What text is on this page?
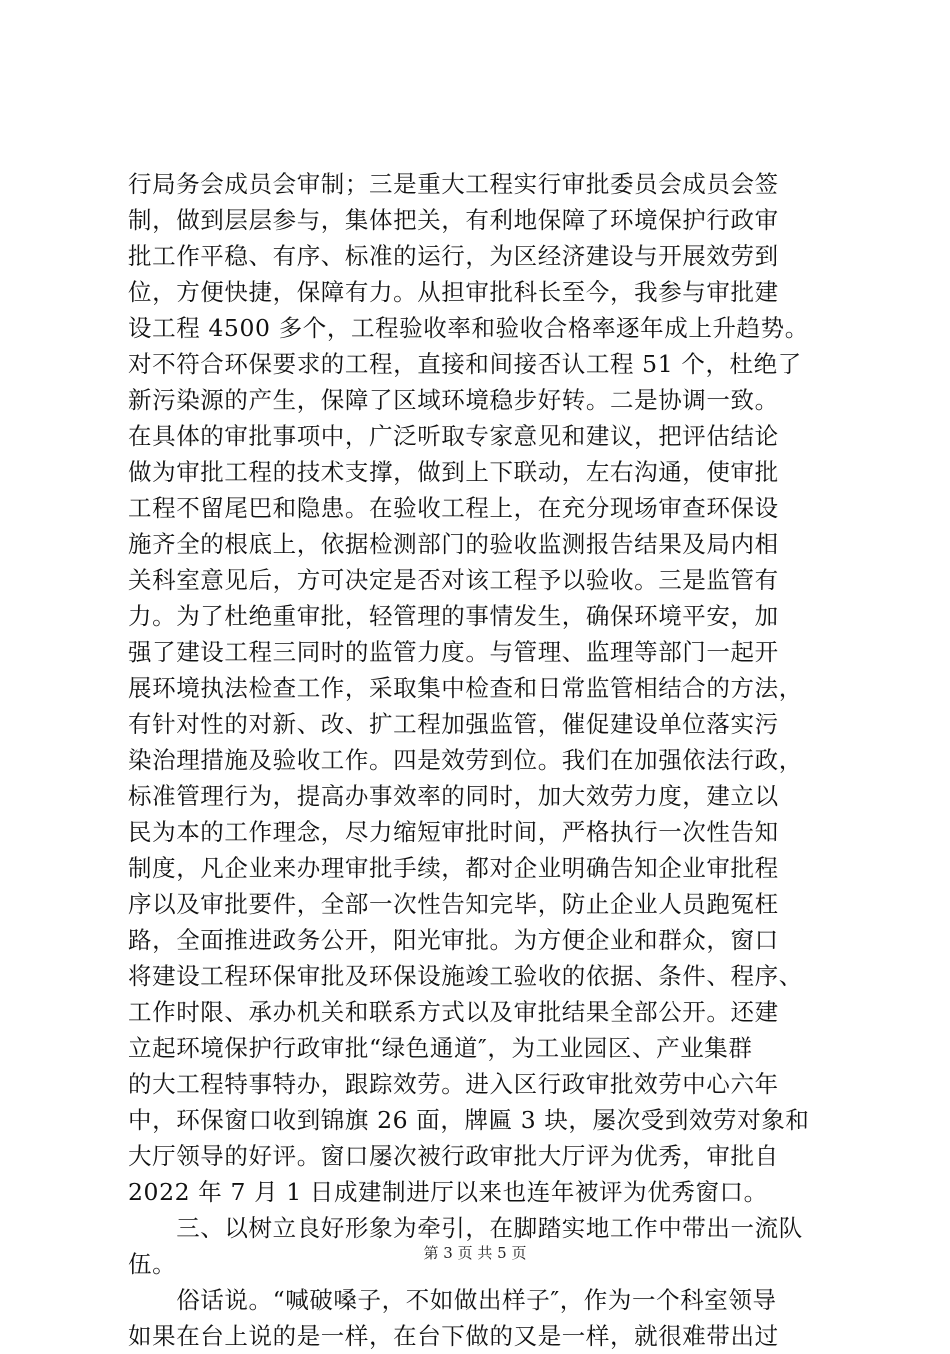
行局务会成员会审制；三是重大工程实行审批委员会成员会签
制，做到层层参与，集体把关，有利地保障了环境保护行政审
批工作平稳、有序、标准的运行，为区经济建设与开展效劳到
位，方便快捷，保障有力。从担审批科长至今，我参与审批建
设工程 4500 多个，工程验收率和验收合格率逐年成上升趋势。
对不符合环保要求的工程，直接和间接否认工程 51 个，杜绝了
新污染源的产生，保障了区域环境稳步好转。二是协调一致。
在具体的审批事项中，广泛听取专家意见和建议，把评估结论
做为审批工程的技术支撑，做到上下联动，左右沟通，使审批
工程不留尾巴和隐患。在验收工程上，在充分现场审查环保设
施齐全的根底上，依据检测部门的验收监测报告结果及局内相
关科室意见后，方可决定是否对该工程予以验收。三是监管有
力。为了杜绝重审批，轻管理的事情发生，确保环境平安，加
强了建设工程三同时的监管力度。与管理、监理等部门一起开
展环境执法检查工作，采取集中检查和日常监管相结合的方法，
有针对性的对新、改、扩工程加强监管，催促建设单位落实污
染治理措施及验收工作。四是效劳到位。我们在加强依法行政，
标准管理行为，提高办事效率的同时，加大效劳力度，建立以
民为本的工作理念，尽力缩短审批时间，严格执行一次性告知
制度，凡企业来办理审批手续，都对企业明确告知企业审批程
序以及审批要件，全部一次性告知完毕，防止企业人员跑冤枉
路，全面推进政务公开，阳光审批。为方便企业和群众，窗口
将建设工程环保审批及环保设施竣工验收的依据、条件、程序、
工作时限、承办机关和联系方式以及审批结果全部公开。还建
立起环境保护行政审批“绿色通道″，为工业园区、产业集群
的大工程特事特办，跟踪效劳。进入区行政审批效劳中心六年
中，环保窗口收到锦旗 26 面，牌匾 3 块，屡次受到效劳对象和
大厅领导的好评。窗口屡次被行政审批大厅评为优秀，审批自
2022 年 7 月 1 日成建制进厅以来也连年被评为优秀窗口。
　　三、以树立良好形象为牵引，在脚踏实地工作中带出一流队
伍。
　　俗话说。“喊破嗓子，不如做出样子″，作为一个科室领导
如果在台上说的是一样，在台下做的又是一样，就很难带出过
第 3 页 共 5 页
